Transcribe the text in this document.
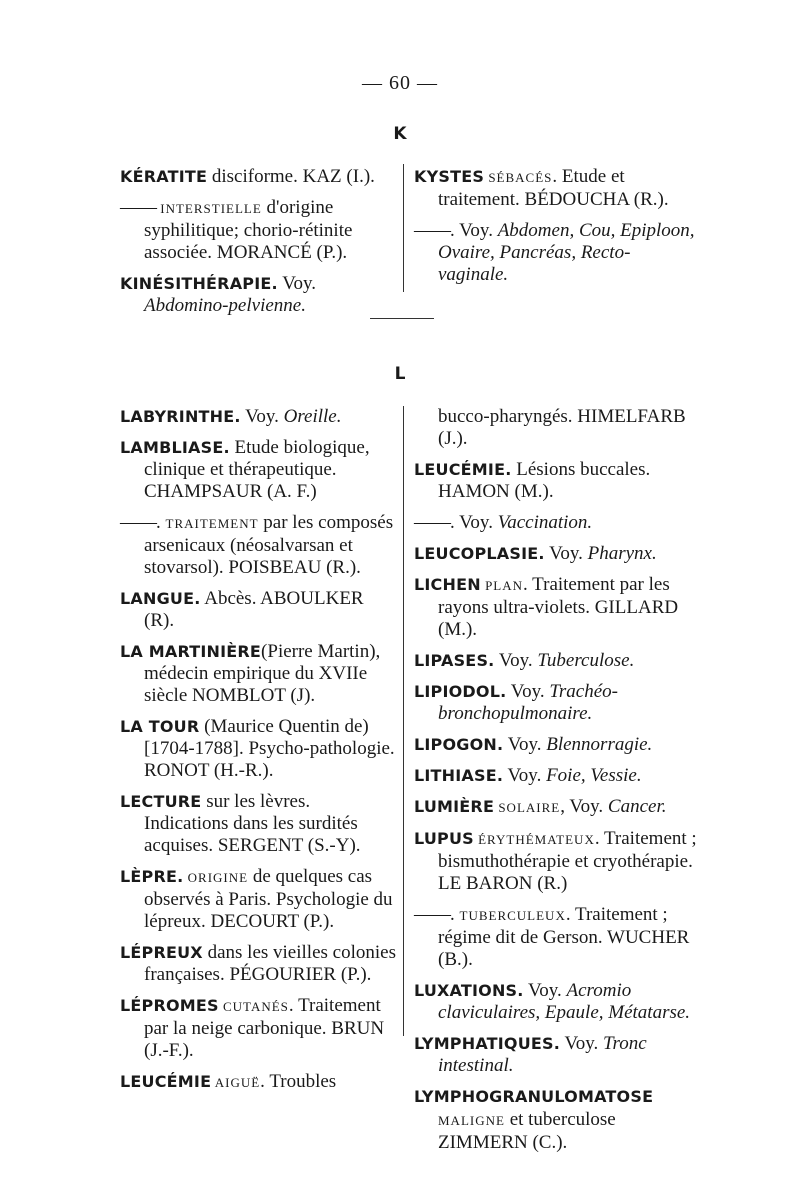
— 60 —
K
KÉRATITE disciforme. KAZ (I.).
—— INTERSTIELLE d'origine syphilitique; chorio-rétinite associée. MORANCÉ (P.).
KINÉSITHÉRAPIE. Voy. Abdomino-pelvienne.
KYSTES SÉBACÉS. Etude et traitement. BÉDOUCHA (R.).
——. Voy. Abdomen, Cou, Epiploon, Ovaire, Pancréas, Recto-vaginale.
L
LABYRINTHE. Voy. Oreille.
LAMBLIASE. Etude biologique, clinique et thérapeutique. CHAMPSAUR (A. F.)
——. TRAITEMENT par les composés arsenicaux (néosalvarsan et stovarsol). POISBEAU (R.).
LANGUE. Abcès. ABOULKER (R).
LA MARTINIÈRE(Pierre Martin), médecin empirique du XVIIe siècle NOMBLOT (J).
LA TOUR (Maurice Quentin de) [1704-1788]. Psycho-pathologie. RONOT (H.-R.).
LECTURE sur les lèvres. Indications dans les surdités acquises. SERGENT (S.-Y).
LÈPRE. ORIGINE de quelques cas observés à Paris. Psychologie du lépreux. DECOURT (P.).
LÉPREUX dans les vieilles colonies françaises. PÉGOURIER (P.).
LÉPROMES CUTANÉS. Traitement par la neige carbonique. BRUN (J.-F.).
LEUCÉMIE AIGUË. Troubles
bucco-pharyngés. HIMELFARB (J.).
LEUCÉMIE. Lésions buccales. HAMON (M.).
——. Voy. Vaccination.
LEUCOPLASIE. Voy. Pharynx.
LICHEN PLAN. Traitement par les rayons ultra-violets. GILLARD (M.).
LIPASES. Voy. Tuberculose.
LIPIODOL. Voy. Trachéo-bronchopulmonaire.
LIPOGON. Voy. Blennorragie.
LITHIASE. Voy. Foie, Vessie.
LUMIÈRE SOLAIRE, Voy. Cancer.
LUPUS ÉRYTHÉMATEUX. Traitement ; bismuthothérapie et cryothérapie. LE BARON (R.)
——. TUBERCULEUX. Traitement ; régime dit de Gerson. WUCHER (B.).
LUXATIONS. Voy. Acromio claviculaires, Epaule, Métatarse.
LYMPHATIQUES. Voy. Tronc intestinal.
LYMPHOGRANULOMATOSE MALIGNE et tuberculose ZIMMERN (C.).
